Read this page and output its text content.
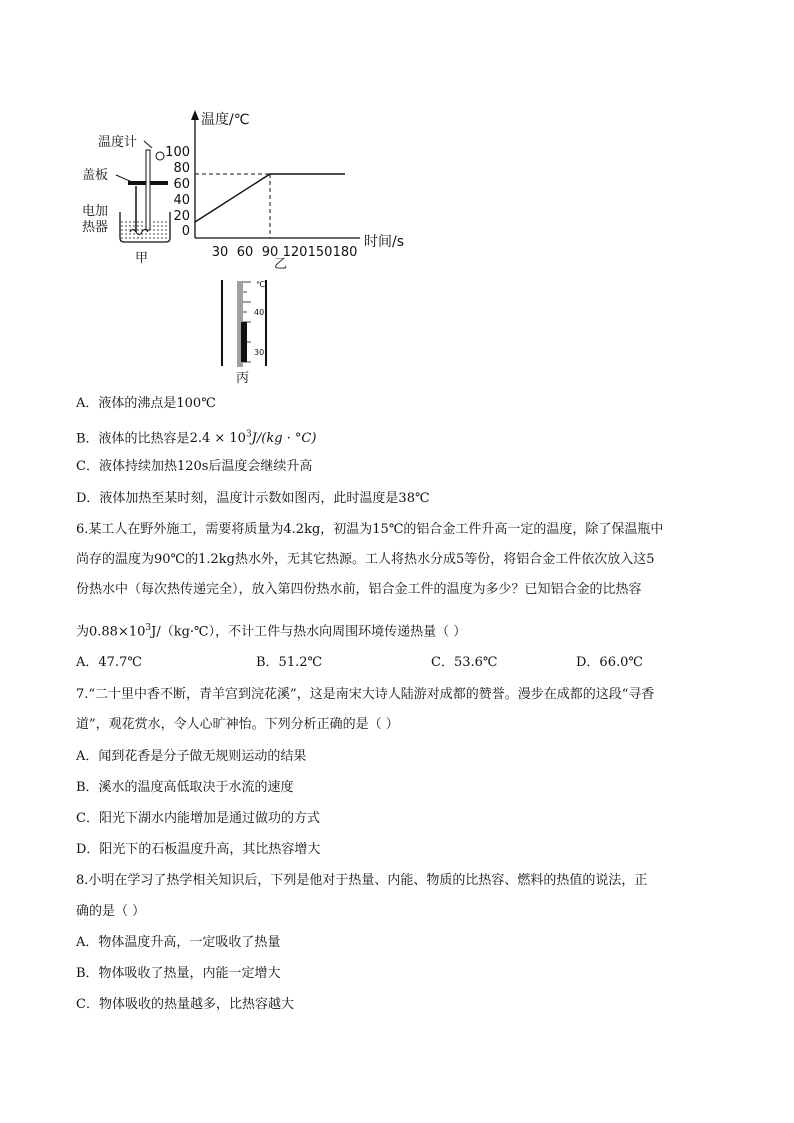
温度计
盖板
电加
热器
甲
温度/℃
100
80
60
40
20
0
30 60 90 120 150 180
时间/s
乙
℃
40
30
丙
A．液体的沸点是100℃
B．液体的比热容是$2.4 \times 10^3J/(kg \cdot ^\circ C)$
C．液体持续加热120s后温度会继续升高
D．液体加热至某时刻，温度计示数如图丙，此时温度是38℃
6.某工人在野外施工，需要将质量为4.2kg，初温为15℃的铝合金工件升高一定的温度，除了保温瓶中
尚存的温度为90℃的1.2kg热水外，无其它热源。工人将热水分成5等份，将铝合金工件依次放入这5
份热水中（每次热传递完全），放入第四份热水前，铝合金工件的温度为多少？已知铝合金的比热容
为$0.88\times 10^3J/(kg\cdot℃)$，不计工件与热水向周围环境传递热量（ ）
A．47.7℃	B．51.2℃	C．53.6℃	D．66.0℃
7.“二十里中香不断，青羊宫到浣花溪”，这是南宋大诗人陆游对成都的赞誉。漫步在成都的这段“寻香
道”，观花赏水，令人心旷神怡。下列分析正确的是（ ）
A．闻到花香是分子做无规则运动的结果
B．溪水的温度高低取决于水流的速度
C．阳光下湖水内能增加是通过做功的方式
D．阳光下的石板温度升高，其比热容增大
8.小明在学习了热学相关知识后，下列是他对于热量、内能、物质的比热容、燃料的热值的说法，正
确的是（ ）
A．物体温度升高，一定吸收了热量
B．物体吸收了热量，内能一定增大
C．物体吸收的热量越多，比热容越大
